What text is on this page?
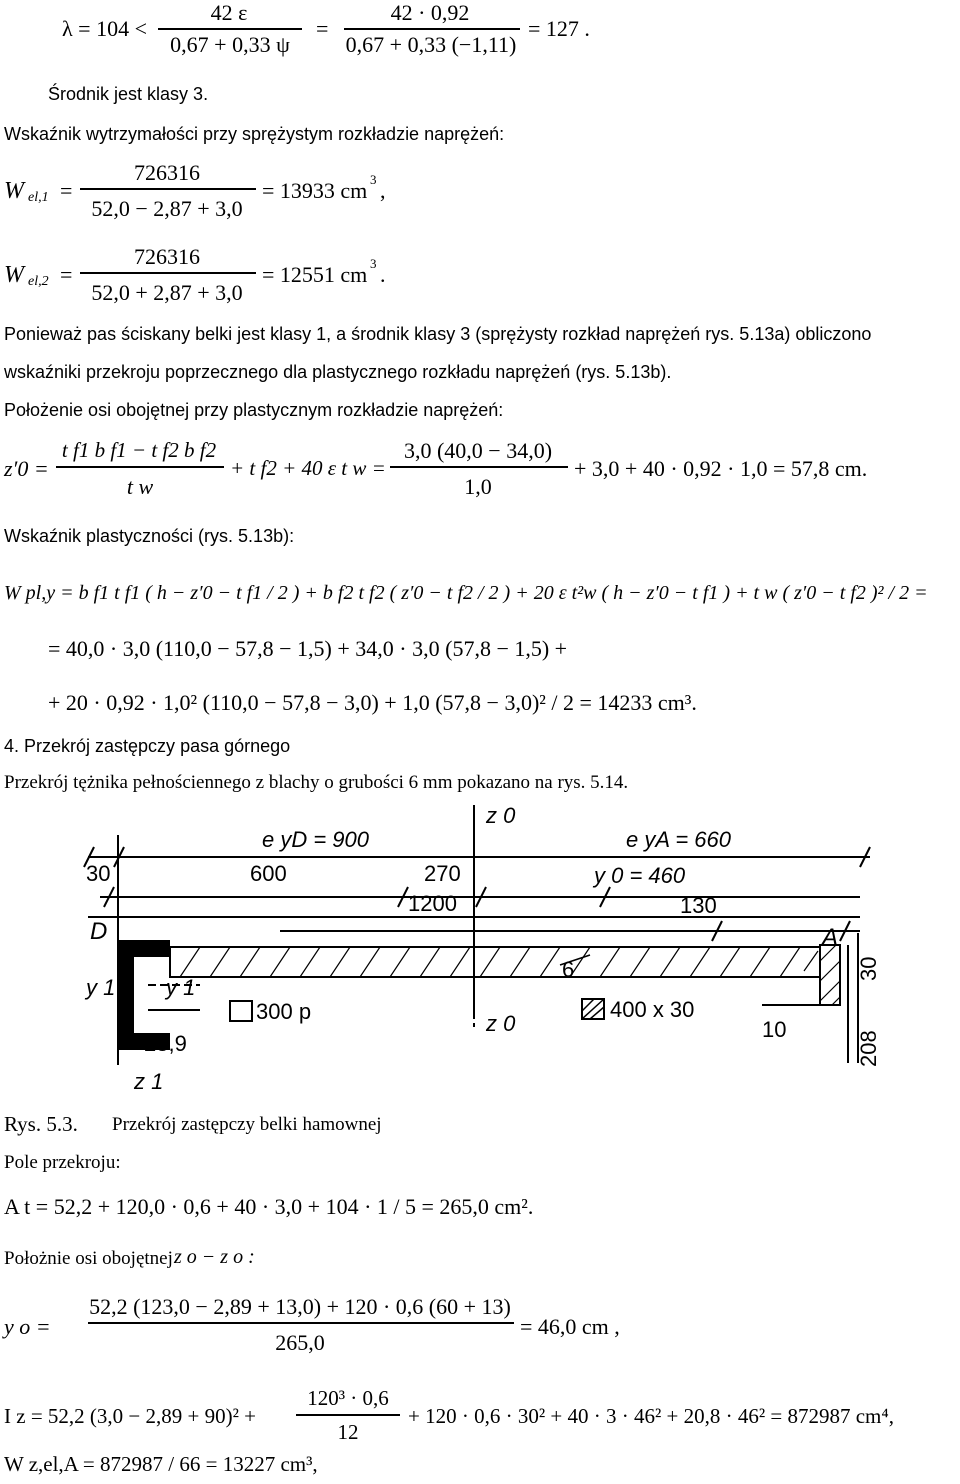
λ = 104 <
42 ε
0,67 + 0,33 ψ
=
42 · 0,92
0,67 + 0,33 (−1,11)
= 127 .
Środnik jest klasy 3.
Wskaźnik wytrzymałości przy sprężystym rozkładzie naprężeń:
W el,1 =
726316
52,0 − 2,87 + 3,0
= 13933 cm 3 ,
W el,2 =
726316
52,0 + 2,87 + 3,0
= 12551 cm 3 .
Ponieważ pas ściskany belki jest klasy 1, a środnik klasy 3 (sprężysty rozkład naprężeń rys. 5.13a) obliczono
wskaźniki przekroju poprzecznego dla plastycznego rozkładu naprężeń (rys. 5.13b).
Położenie osi obojętnej przy plastycznym rozkładzie naprężeń:
z′0 =
t f1 b f1 − t f2 b f2
t w
+ t f2 + 40 ε t w =
3,0 (40,0 − 34,0)
1,0
+ 3,0 + 40 · 0,92 · 1,0 = 57,8 cm.
Wskaźnik plastyczności (rys. 5.13b):
W pl,y = b f1 t f1 ( h − z′0 − t f1 / 2 ) + b f2 t f2 ( z′0 − t f2 / 2 ) + 20 ε t²w ( h − z′0 − t f1 ) + t w ( z′0 − t f2 )² / 2 =
= 40,0 · 3,0 (110,0 − 57,8 − 1,5) + 34,0 · 3,0 (57,8 − 1,5) +
+ 20 · 0,92 · 1,0² (110,0 − 57,8 − 3,0) + 1,0 (57,8 − 3,0)² / 2 = 14233 cm³.
4. Przekrój zastępczy pasa górnego
Przekrój tężnika pełnościennego z blachy o grubości 6 mm pokazano na rys. 5.14.
e yD = 900
z 0
e yA = 660
30	600	270	y 0 = 460
1200	130
D	A
6	30
y 1 y 1
300 p	400 x 30
z 0	10
208
28,9
z 1
Rys. 5.3. Przekrój zastępczy belki hamownej
Pole przekroju:
A t = 52,2 + 120,0 · 0,6 + 40 · 3,0 + 104 · 1 / 5 = 265,0 cm².
Położnie osi obojętnej z o − z o :
y o =
52,2 (123,0 − 2,89 + 13,0) + 120 · 0,6 (60 + 13)
265,0
= 46,0 cm ,
I z = 52,2 (3,0 − 2,89 + 90)² +
120³ · 0,6
12
+ 120 · 0,6 · 30² + 40 · 3 · 46² + 20,8 · 46² = 872987 cm⁴,
W z,el,A = 872987 / 66 = 13227 cm³,
